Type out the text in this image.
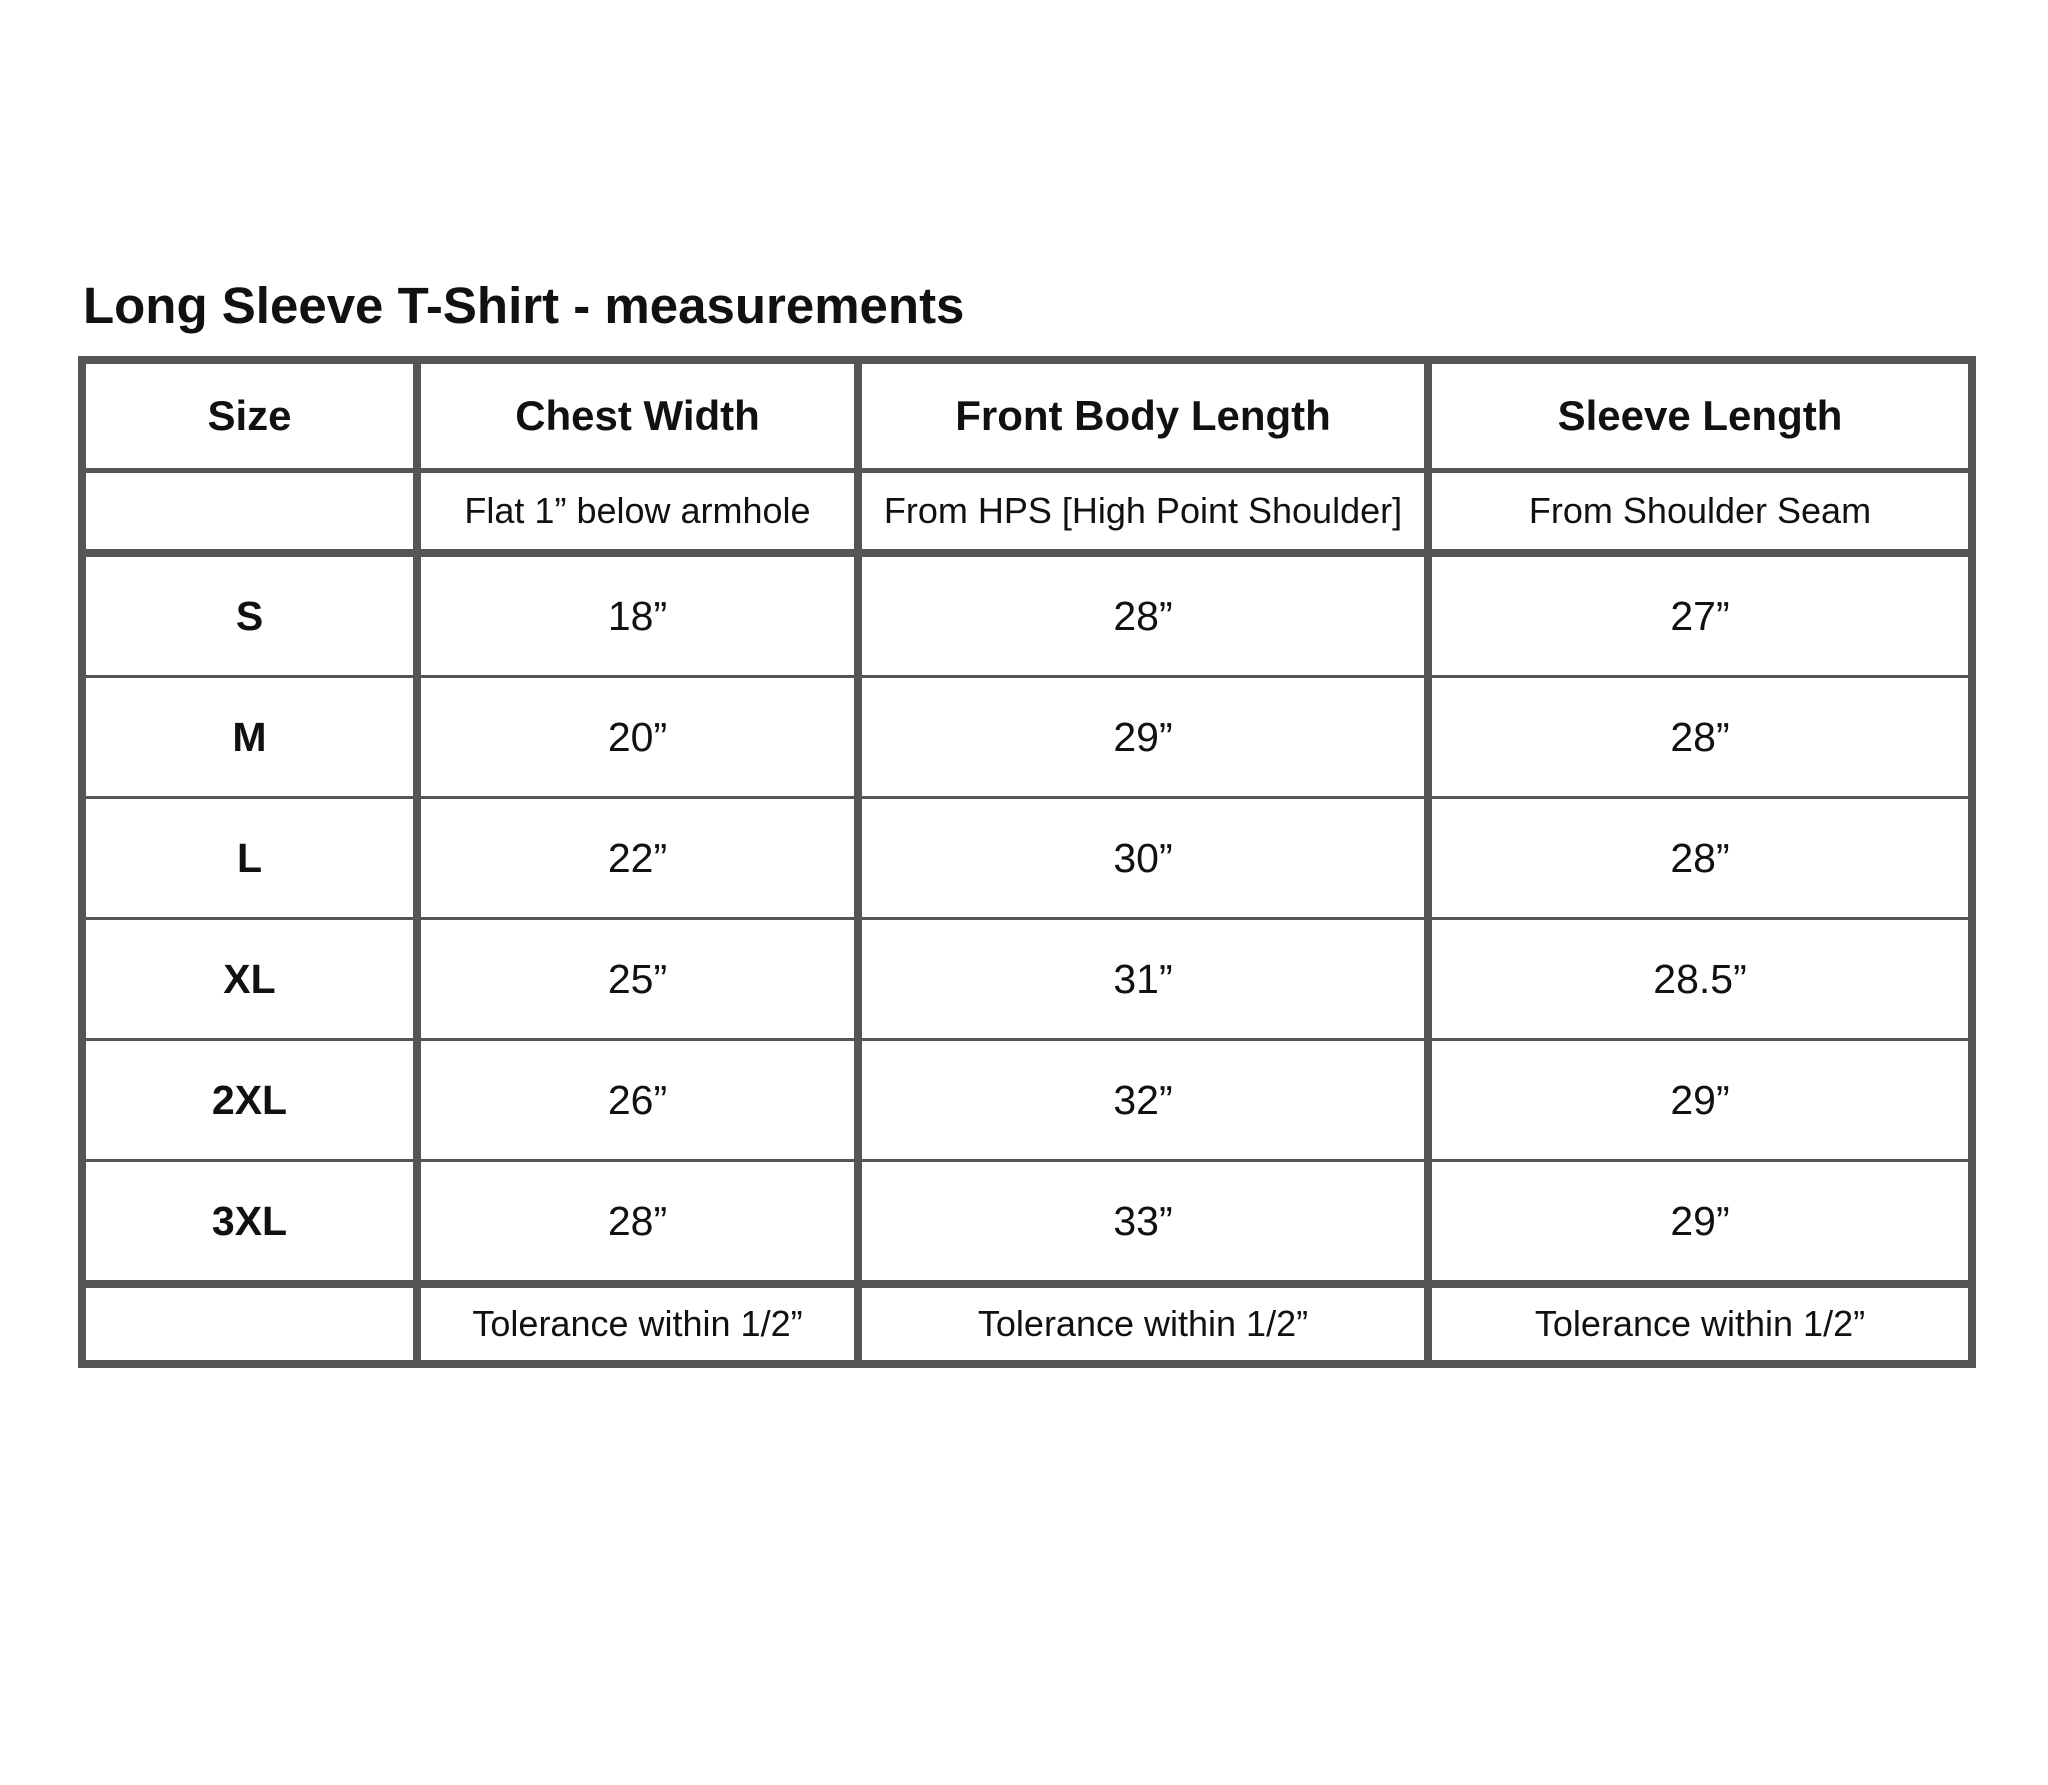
Long Sleeve T-Shirt - measurements
Size	Chest Width	Front Body Length	Sleeve Length
	Flat 1” below armhole	From HPS [High Point Shoulder]	From Shoulder Seam
S	18”	28”	27”
M	20”	29”	28”
L	22”	30”	28”
XL	25”	31”	28.5”
2XL	26”	32”	29”
3XL	28”	33”	29”
	Tolerance within 1/2”	Tolerance within 1/2”	Tolerance within 1/2”
